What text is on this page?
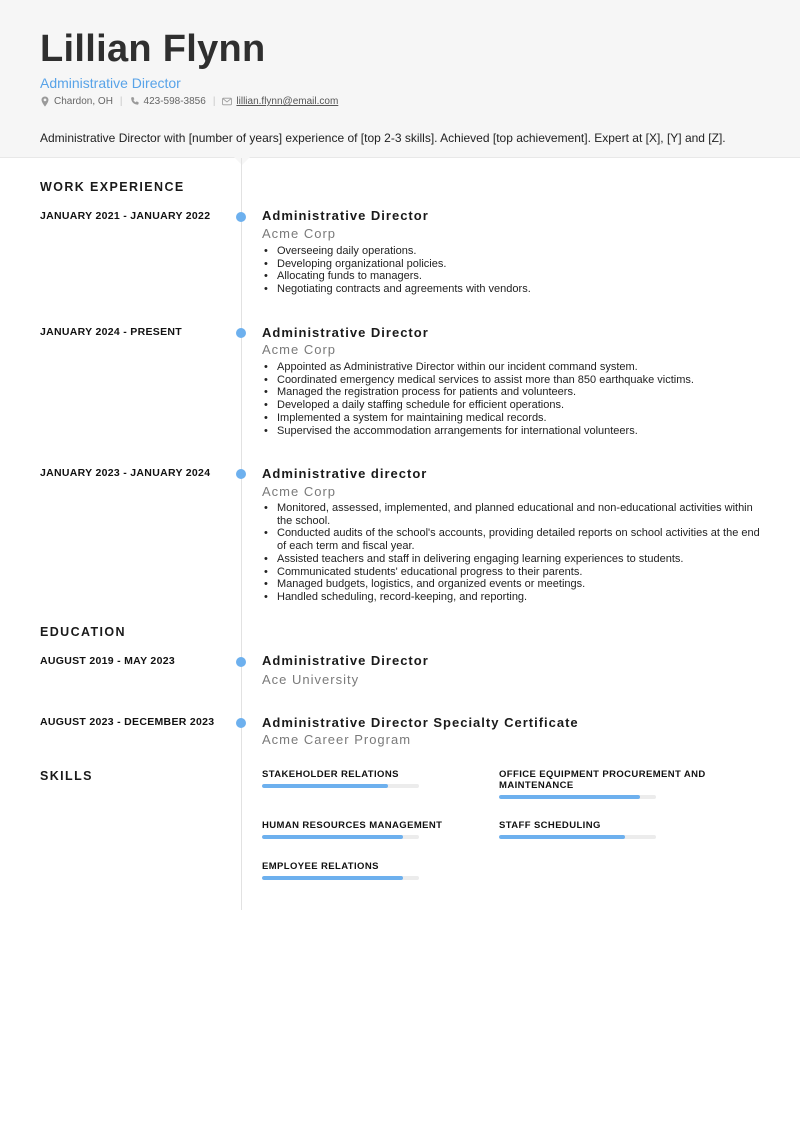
Lillian Flynn
Administrative Director
Chardon, OH | 423-598-3856 | lillian.flynn@email.com
Administrative Director with [number of years] experience of [top 2-3 skills]. Achieved [top achievement]. Expert at [X], [Y] and [Z].
WORK EXPERIENCE
JANUARY 2021 - JANUARY 2022	Administrative Director
Acme Corp
• Overseeing daily operations.
• Developing organizational policies.
• Allocating funds to managers.
• Negotiating contracts and agreements with vendors.
JANUARY 2024 - PRESENT	Administrative Director
Acme Corp
• Appointed as Administrative Director within our incident command system.
• Coordinated emergency medical services to assist more than 850 earthquake victims.
• Managed the registration process for patients and volunteers.
• Developed a daily staffing schedule for efficient operations.
• Implemented a system for maintaining medical records.
• Supervised the accommodation arrangements for international volunteers.
JANUARY 2023 - JANUARY 2024	Administrative director
Acme Corp
• Monitored, assessed, implemented, and planned educational and non-educational activities within the school.
• Conducted audits of the school's accounts, providing detailed reports on school activities at the end of each term and fiscal year.
• Assisted teachers and staff in delivering engaging learning experiences to students.
• Communicated students' educational progress to their parents.
• Managed budgets, logistics, and organized events or meetings.
• Handled scheduling, record-keeping, and reporting.
EDUCATION
AUGUST 2019 - MAY 2023	Administrative Director
Ace University
AUGUST 2023 - DECEMBER 2023	Administrative Director Specialty Certificate
Acme Career Program
SKILLS	STAKEHOLDER RELATIONS	OFFICE EQUIPMENT PROCUREMENT AND MAINTENANCE
HUMAN RESOURCES MANAGEMENT	STAFF SCHEDULING
EMPLOYEE RELATIONS
